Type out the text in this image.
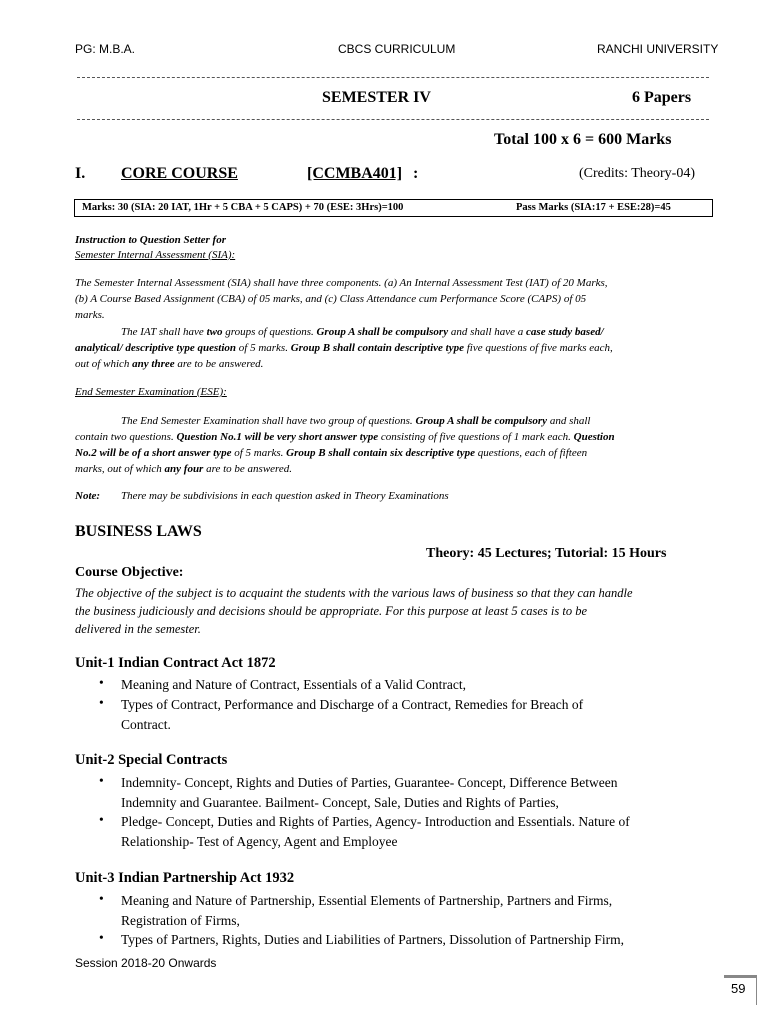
PG: M.B.A.	CBCS CURRICULUM	RANCHI UNIVERSITY
SEMESTER IV	6 Papers
Total 100 x 6 = 600 Marks
I. CORE COURSE	[CCMBA401] :	(Credits: Theory-04)
Marks: 30 (SIA: 20 IAT, 1Hr + 5 CBA + 5 CAPS) + 70 (ESE: 3Hrs)=100	Pass Marks (SIA:17 + ESE:28)=45
Instruction to Question Setter for
Semester Internal Assessment (SIA):
The Semester Internal Assessment (SIA) shall have three components. (a) An Internal Assessment Test (IAT) of 20 Marks,
(b) A Course Based Assignment (CBA) of 05 marks, and (c) Class Attendance cum Performance Score (CAPS) of 05
marks.
The IAT shall have two groups of questions. Group A shall be compulsory and shall have a case study based/
analytical/ descriptive type question of 5 marks. Group B shall contain descriptive type five questions of five marks each,
out of which any three are to be answered.
End Semester Examination (ESE):
The End Semester Examination shall have two group of questions. Group A shall be compulsory and shall
contain two questions. Question No.1 will be very short answer type consisting of five questions of 1 mark each. Question
No.2 will be of a short answer type of 5 marks. Group B shall contain six descriptive type questions, each of fifteen
marks, out of which any four are to be answered.
Note: There may be subdivisions in each question asked in Theory Examinations
BUSINESS LAWS
Theory: 45 Lectures; Tutorial: 15 Hours
Course Objective:
The objective of the subject is to acquaint the students with the various laws of business so that they can handle
the business judiciously and decisions should be appropriate. For this purpose at least 5 cases is to be
delivered in the semester.
Unit-1 Indian Contract Act 1872
• Meaning and Nature of Contract, Essentials of a Valid Contract,
• Types of Contract, Performance and Discharge of a Contract, Remedies for Breach of
Contract.
Unit-2 Special Contracts
• Indemnity- Concept, Rights and Duties of Parties, Guarantee- Concept, Difference Between
Indemnity and Guarantee. Bailment- Concept, Sale, Duties and Rights of Parties,
• Pledge- Concept, Duties and Rights of Parties, Agency- Introduction and Essentials. Nature of
Relationship- Test of Agency, Agent and Employee
Unit-3 Indian Partnership Act 1932
• Meaning and Nature of Partnership, Essential Elements of Partnership, Partners and Firms,
Registration of Firms,
• Types of Partners, Rights, Duties and Liabilities of Partners, Dissolution of Partnership Firm,
Session 2018-20 Onwards
59
